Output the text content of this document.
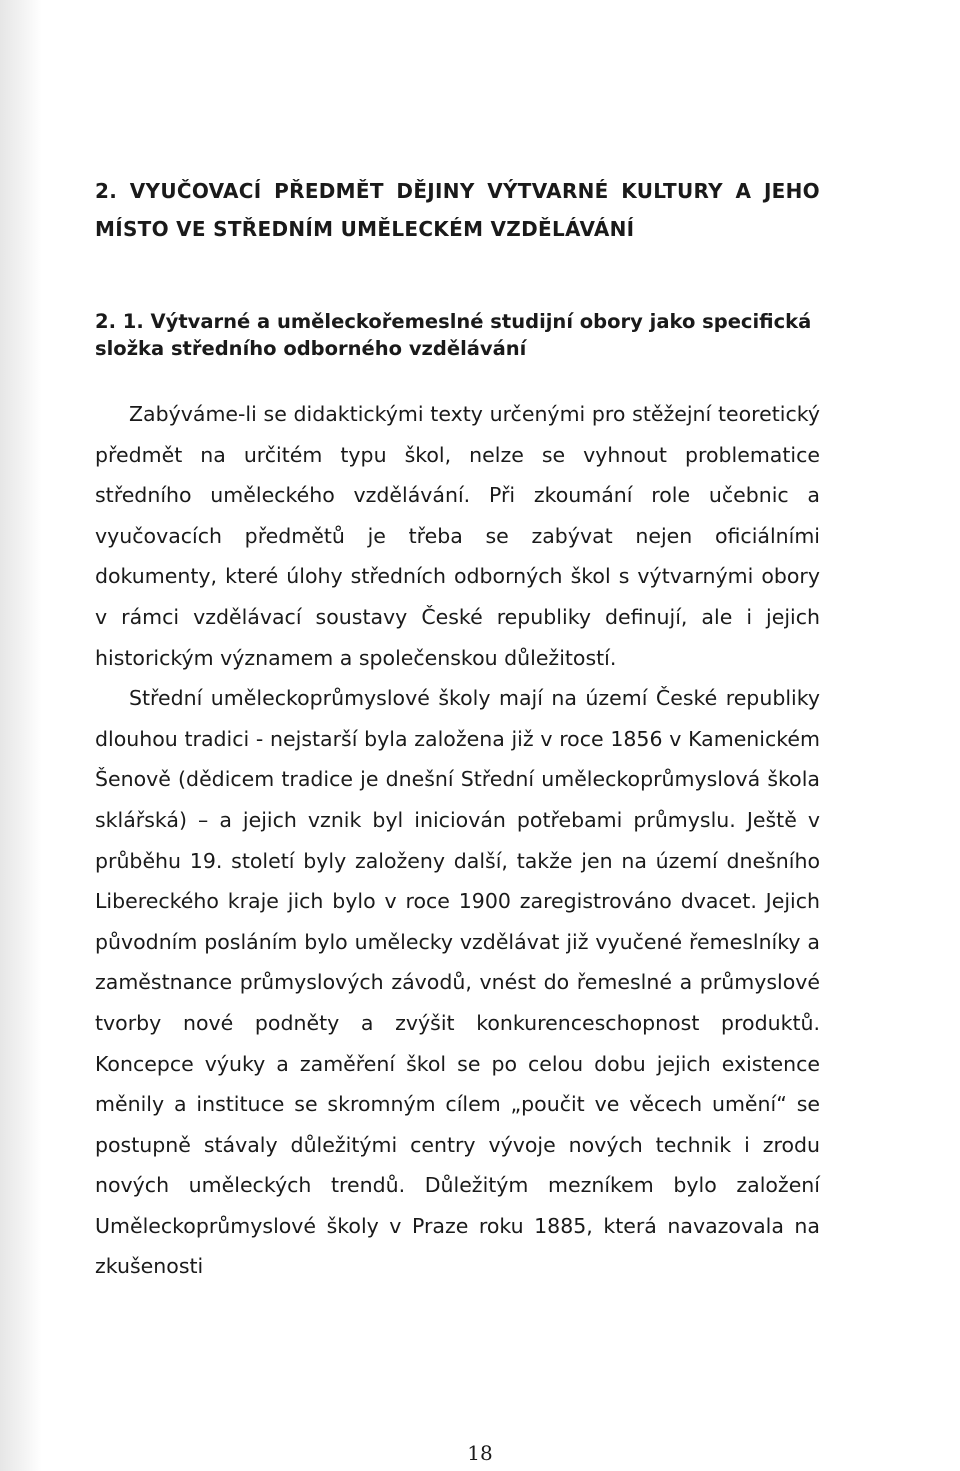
2. VYUČOVACÍ PŘEDMĚT DĚJINY VÝTVARNÉ KULTURY A JEHO
MÍSTO VE STŘEDNÍM UMĚLECKÉM VZDĚLÁVÁNÍ
2. 1. Výtvarné a uměleckořemeslné studijní obory jako specifická složka středního odborného vzdělávání

Zabýváme-li se didaktickými texty určenými pro stěžejní teoretický předmět na určitém typu škol, nelze se vyhnout problematice středního uměleckého vzdělávání. Při zkoumání role učebnic a vyučovacích předmětů je třeba se zabývat nejen oficiálními dokumenty, které úlohy středních odborných škol s výtvarnými obory v rámci vzdělávací soustavy České republiky definují, ale i jejich historickým významem a společenskou důležitostí.

Střední uměleckoprůmyslové školy mají na území České republiky dlouhou tradici - nejstarší byla založena již v roce 1856 v Kamenickém Šenově (dědicem tradice je dnešní Střední uměleckoprůmyslová škola sklářská) – a jejich vznik byl iniciován potřebami průmyslu. Ještě v průběhu 19. století byly založeny další, takže jen na území dnešního Libereckého kraje jich bylo v roce 1900 zaregistrováno dvacet. Jejich původním posláním bylo umělecky vzdělávat již vyučené řemeslníky a zaměstnance průmyslových závodů, vnést do řemeslné a průmyslové tvorby nové podněty a zvýšit konkurenceschopnost produktů. Koncepce výuky a zaměření škol se po celou dobu jejich existence měnily a instituce se skromným cílem „poučit ve věcech umění“ se postupně stávaly důležitými centry vývoje nových technik i zrodu nových uměleckých trendů. Důležitým mezníkem bylo založení Uměleckoprůmyslové školy v Praze roku 1885, která navazovala na zkušenosti

18
